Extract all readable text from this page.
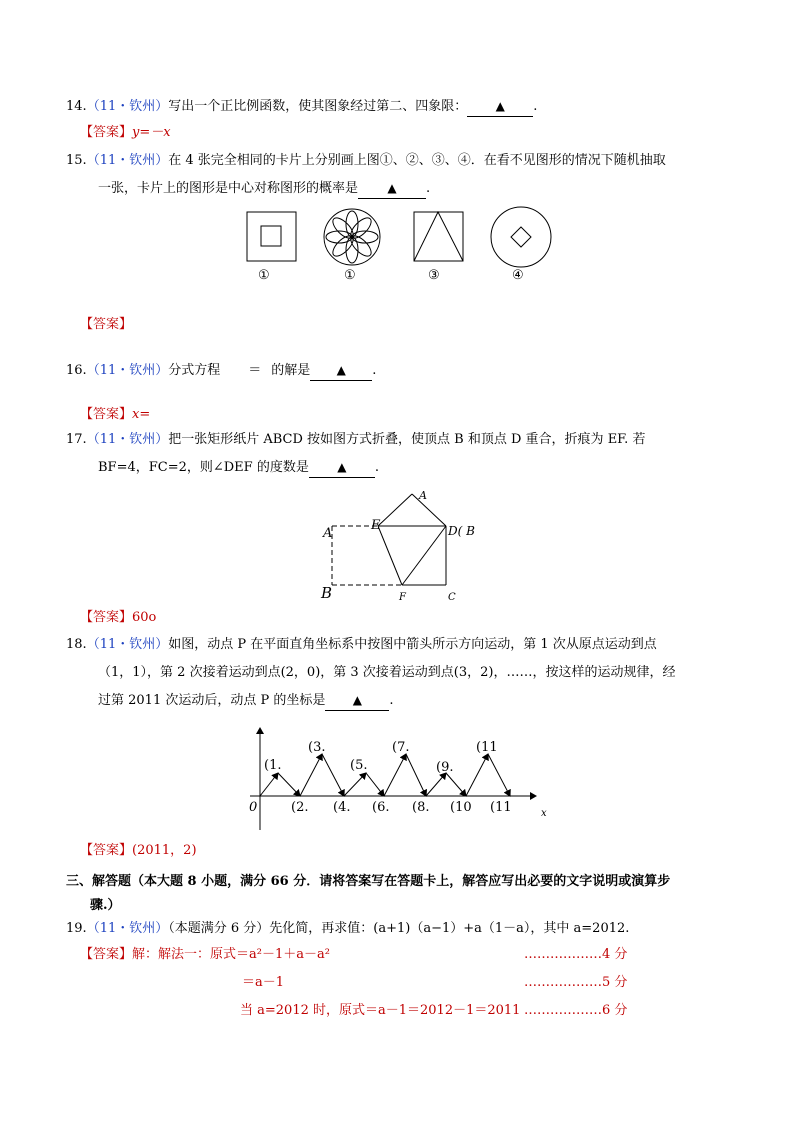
14.（11・钦州）写出一个正比例函数，使其图象经过第二、四象限： ▲ .
【答案】y=－x
15.（11・钦州）在 4 张完全相同的卡片上分别画上图①、②、③、④．在看不见图形的情况下随机抽取
一张，卡片上的图形是中心对称图形的概率是 ▲ .
①	①	③	④
【答案】
16.（11・钦州）分式方程 ＝ 的解是 ▲ .
【答案】x=
17.（11・钦州）把一张矩形纸片 ABCD 按如图方式折叠，使顶点 B 和顶点 D 重合，折痕为 EF. 若
BF=4，FC=2，则∠DEF 的度数是 ▲ .
A
A
E	D( B
B	F	C
【答案】60o
18.（11・钦州）如图，动点 P 在平面直角坐标系中按图中箭头所示方向运动，第 1 次从原点运动到点
（1，1），第 2 次接着运动到点(2，0)，第 3 次接着运动到点(3，2)，……，按这样的运动规律，经
过第 2011 次运动后，动点 P 的坐标是 ▲ .
0	x
(1.
(3.
(5.
(7.
(9.
(11
(2. (4. (6. (8. (10 (11
【答案】(2011，2)
三、解答题（本大题 8 小题，满分 66 分．请将答案写在答题卡上，解答应写出必要的文字说明或演算步
骤.）
19.（11・钦州）（本题满分 6 分）先化简，再求值：(a+1)（a−1）+a（1－a），其中 a=2012.
【答案】解：解法一：原式＝a²－1＋a－a²	………………4 分
＝a－1	………………5 分
当 a=2012 时，原式＝a－1＝2012－1＝2011 ………………6 分
